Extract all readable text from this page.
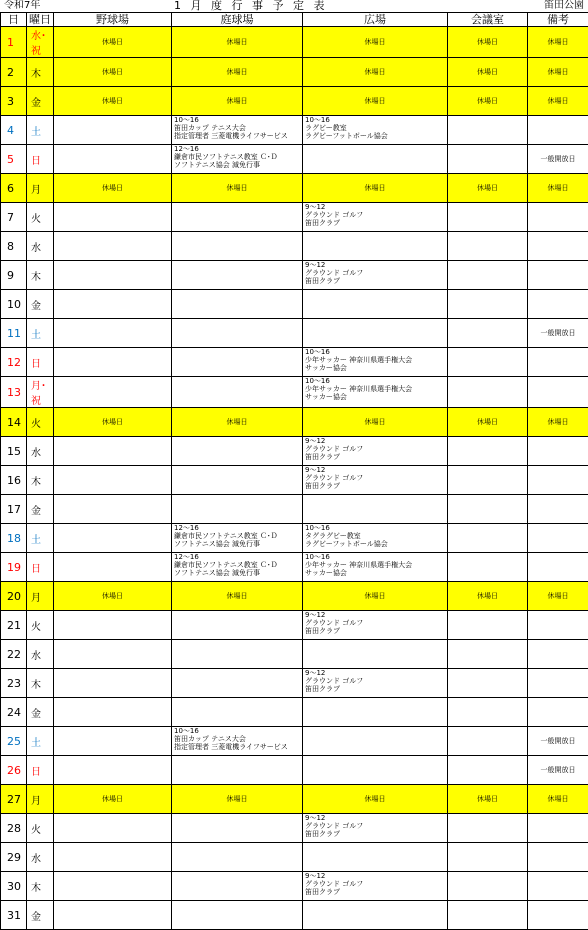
令和7年	1 月 度 行 事 予 定 表	笛田公園
日	曜日	野球場	庭球場	広場	会議室	備考
1	水･祝	休場日	休場日	休場日	休場日	休場日
2	木	休場日	休場日	休場日	休場日	休場日
3	金	休場日	休場日	休場日	休場日	休場日
4	土		10～16
笛田カップ テニス大会
指定管理者 三菱電機ライフサービス	10～16
ラグビー教室
ラグビーフットボール協会		

5	日		12～16
鎌倉市民ソフトテニス教室 Ｃ･Ｄ
ソフトテニス協会 減免行事			一般開放日
6	月	休場日	休場日	休場日	休場日	休場日
7	火			9～12
グラウンド ゴルフ
笛田クラブ		

8	水					
9	木			9～12
グラウンド ゴルフ
笛田クラブ		

10	金					
11	土					一般開放日
12	日			10～16
少年サッカー 神奈川県選手権大会
サッカー協会		

13	月･祝			10～16
少年サッカー 神奈川県選手権大会
サッカー協会		

14	火	休場日	休場日	休場日	休場日	休場日
15	水			9～12
グラウンド ゴルフ
笛田クラブ		

16	木			9～12
グラウンド ゴルフ
笛田クラブ		

17	金					
18	土		12～16
鎌倉市民ソフトテニス教室 Ｃ･Ｄ
ソフトテニス協会 減免行事	10～16
タグラグビー教室
ラグビーフットボール協会		

19	日		12～16
鎌倉市民ソフトテニス教室 Ｃ･Ｄ
ソフトテニス協会 減免行事	10～16
少年サッカー 神奈川県選手権大会
サッカー協会		

20	月	休場日	休場日	休場日	休場日	休場日
21	火			9～12
グラウンド ゴルフ
笛田クラブ		

22	水					
23	木			9～12
グラウンド ゴルフ
笛田クラブ		

24	金					
25	土		10～16
笛田カップ テニス大会
指定管理者 三菱電機ライフサービス			一般開放日
26	日					一般開放日
27	月	休場日	休場日	休場日	休場日	休場日
28	火			9～12
グラウンド ゴルフ
笛田クラブ		

29	水					
30	木			9～12
グラウンド ゴルフ
笛田クラブ		

31	金					
